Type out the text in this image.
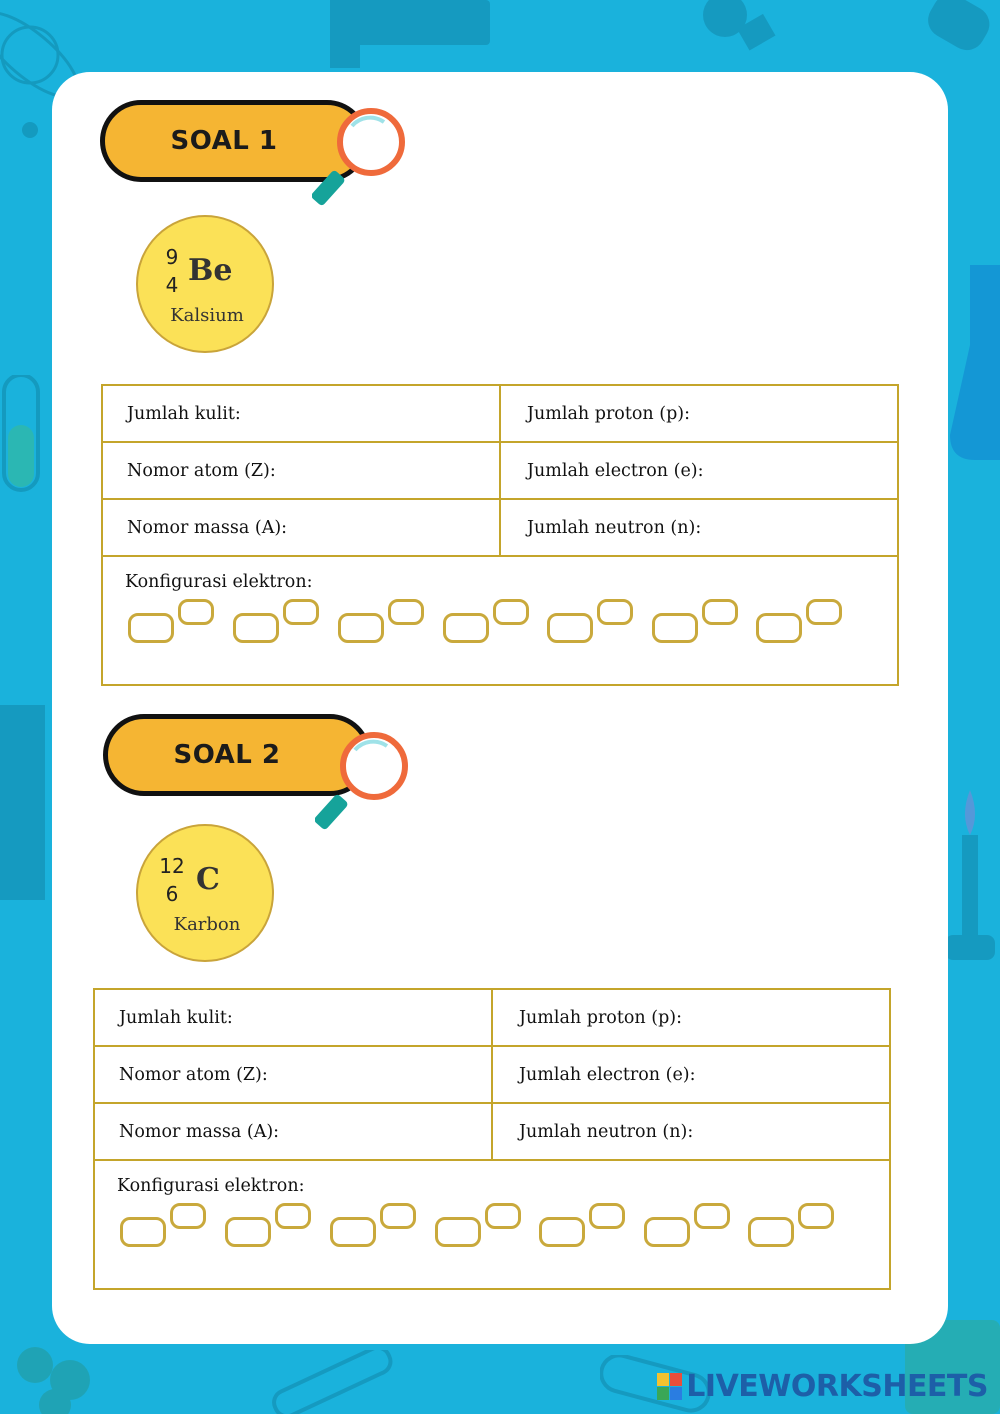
SOAL 1
9
4 Be
Kalsium
Jumlah kulit:	Jumlah proton (p):
Nomor atom (Z):	Jumlah electron (e):
Nomor massa (A):	Jumlah neutron (n):
Konfigurasi elektron:
SOAL 2
12
6 C
Karbon
Jumlah kulit:	Jumlah proton (p):
Nomor atom (Z):	Jumlah electron (e):
Nomor massa (A):	Jumlah neutron (n):
Konfigurasi elektron:
LIVEWORKSHEETS
